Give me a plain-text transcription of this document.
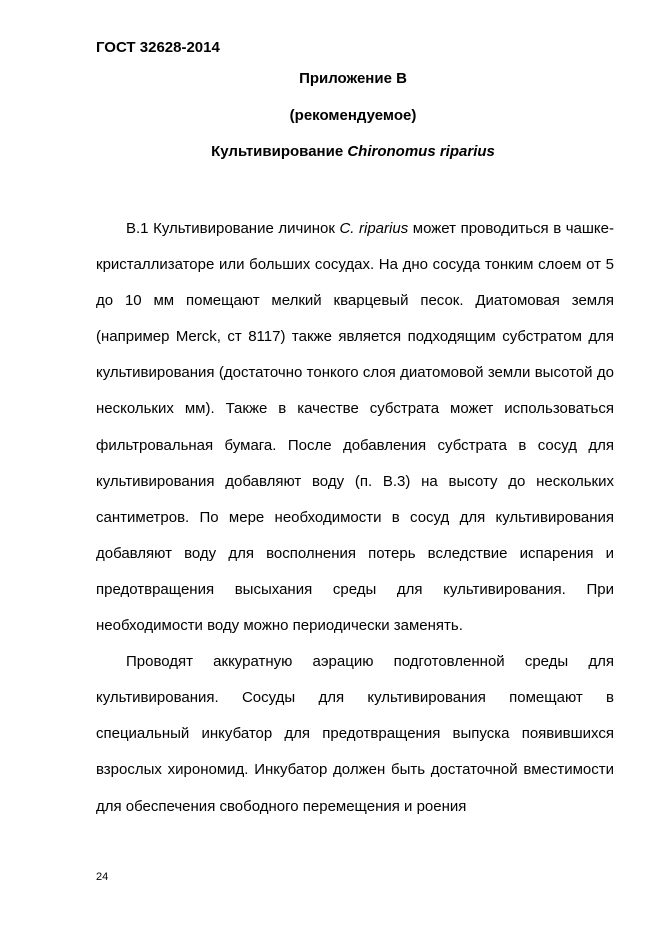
ГОСТ 32628-2014
Приложение В
(рекомендуемое)
Культивирование Chironomus riparius

В.1 Культивирование личинок C. riparius может проводиться в чашке-кристаллизаторе или больших сосудах. На дно сосуда тонким слоем от 5 до 10 мм помещают мелкий кварцевый песок. Диатомовая земля (например Merck, ст 8117) также является подходящим субстратом для культивирования (достаточно тонкого слоя диатомовой земли высотой до нескольких мм). Также в качестве субстрата может использоваться фильтровальная бумага. После добавления субстрата в сосуд для культивирования добавляют воду (п. В.3) на высоту до нескольких сантиметров. По мере необходимости в сосуд для культивирования добавляют воду для восполнения потерь вследствие испарения и предотвращения высыхания среды для культивирования. При необходимости воду можно периодически заменять.

Проводят аккуратную аэрацию подготовленной среды для культивирования. Сосуды для культивирования помещают в специальный инкубатор для предотвращения выпуска появившихся взрослых хирономид. Инкубатор должен быть достаточной вместимости для обеспечения свободного перемещения и роения

24
